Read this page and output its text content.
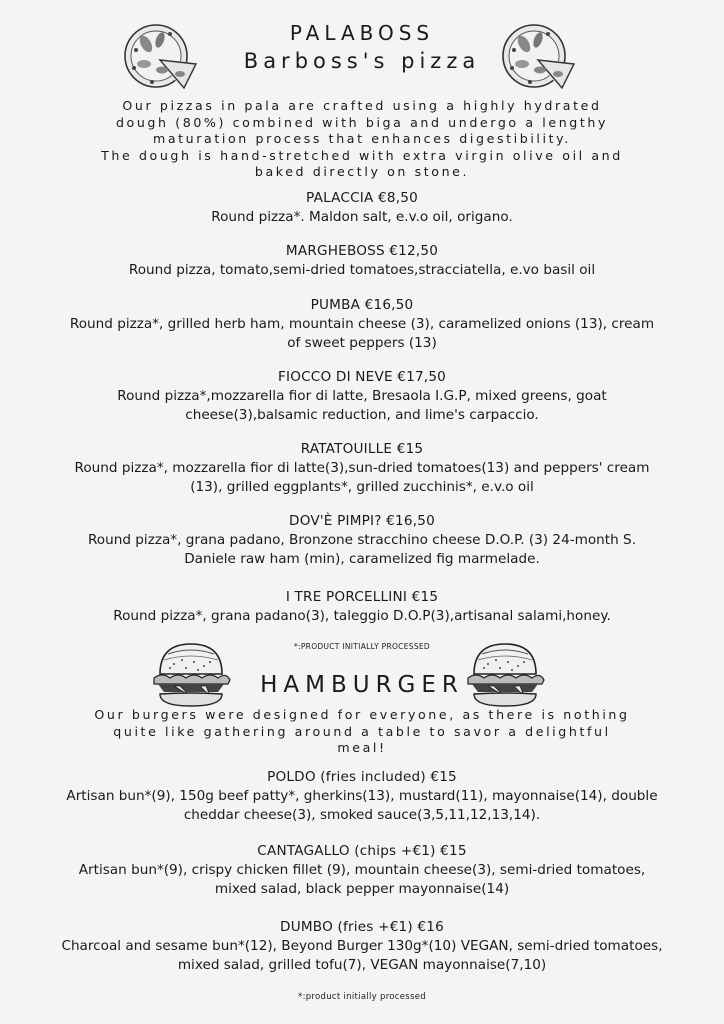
PALABOSS
Barboss's pizza
Our pizzas in pala are crafted using a highly hydrated
dough (80%) combined with biga and undergo a lengthy
maturation process that enhances digestibility.
The dough is hand-stretched with extra virgin olive oil and
baked directly on stone.
PALACCIA €8,50
Round pizza*. Maldon salt, e.v.o oil, origano.
MARGHEBOSS €12,50
Round pizza, tomato,semi-dried tomatoes,stracciatella, e.vo basil oil
PUMBA €16,50
Round pizza*, grilled herb ham, mountain cheese (3), caramelized onions (13), cream
of sweet peppers (13)
FIOCCO DI NEVE €17,50
Round pizza*,mozzarella fior di latte, Bresaola I.G.P, mixed greens, goat
cheese(3),balsamic reduction, and lime's carpaccio.
RATATOUILLE €15
Round pizza*, mozzarella fior di latte(3),sun-dried tomatoes(13) and peppers' cream
(13), grilled eggplants*, grilled zucchinis*, e.v.o oil
DOV'È PIMPI? €16,50
Round pizza*, grana padano, Bronzone stracchino cheese D.O.P. (3) 24-month S.
Daniele raw ham (min), caramelized fig marmelade.
I TRE PORCELLINI €15
Round pizza*, grana padano(3), taleggio D.O.P(3),artisanal salami,honey.
*:PRODUCT INITIALLY PROCESSED
HAMBURGER
Our burgers were designed for everyone, as there is nothing
quite like gathering around a table to savor a delightful
meal!
POLDO (fries included) €15
Artisan bun*(9), 150g beef patty*, gherkins(13), mustard(11), mayonnaise(14), double
cheddar cheese(3), smoked sauce(3,5,11,12,13,14).
CANTAGALLO (chips +€1) €15
Artisan bun*(9), crispy chicken fillet (9), mountain cheese(3), semi-dried tomatoes,
mixed salad, black pepper mayonnaise(14)
DUMBO (fries +€1) €16
Charcoal and sesame bun*(12), Beyond Burger 130g*(10) VEGAN, semi-dried tomatoes,
mixed salad, grilled tofu(7), VEGAN mayonnaise(7,10)
*:product initially processed
